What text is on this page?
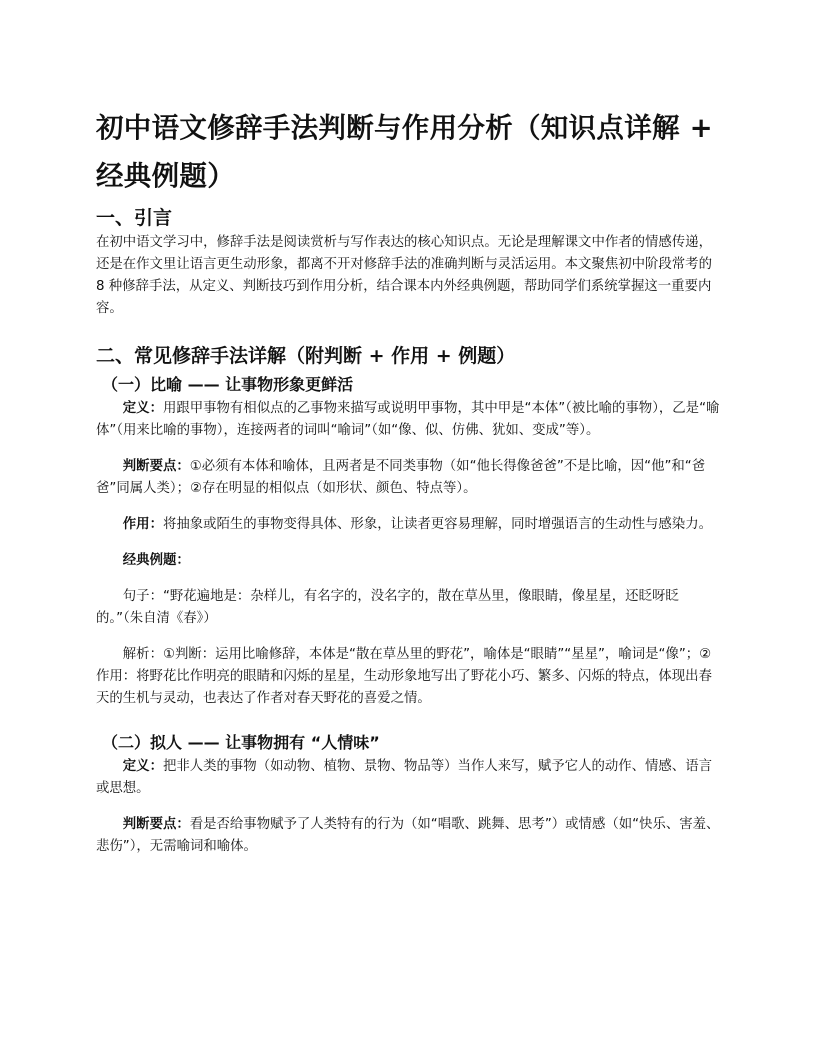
初中语文修辞手法判断与作用分析（知识点详解 + 经典例题）
一、引言

在初中语文学习中，修辞手法是阅读赏析与写作表达的核心知识点。无论是理解课文中作者的情感传递，还是在作文里让语言更生动形象，都离不开对修辞手法的准确判断与灵活运用。本文聚焦初中阶段常考的 8 种修辞手法，从定义、判断技巧到作用分析，结合课本内外经典例题，帮助同学们系统掌握这一重要内容。

二、常见修辞手法详解（附判断 + 作用 + 例题）
（一）比喻 —— 让事物形象更鲜活

定义：用跟甲事物有相似点的乙事物来描写或说明甲事物，其中甲是“本体”（被比喻的事物），乙是“喻体”（用来比喻的事物），连接两者的词叫“喻词”（如“像、似、仿佛、犹如、变成”等）。

判断要点：①必须有本体和喻体，且两者是不同类事物（如“他长得像爸爸”不是比喻，因“他”和“爸爸”同属人类）；②存在明显的相似点（如形状、颜色、特点等）。

作用：将抽象或陌生的事物变得具体、形象，让读者更容易理解，同时增强语言的生动性与感染力。

经典例题：

句子：“野花遍地是：杂样儿，有名字的，没名字的，散在草丛里，像眼睛，像星星，还眨呀眨的。”（朱自清《春》）

解析：①判断：运用比喻修辞，本体是“散在草丛里的野花”，喻体是“眼睛”“星星”，喻词是“像”；②作用：将野花比作明亮的眼睛和闪烁的星星，生动形象地写出了野花小巧、繁多、闪烁的特点，体现出春天的生机与灵动，也表达了作者对春天野花的喜爱之情。

（二）拟人 —— 让事物拥有 “人情味”

定义：把非人类的事物（如动物、植物、景物、物品等）当作人来写，赋予它人的动作、情感、语言或思想。

判断要点：看是否给事物赋予了人类特有的行为（如“唱歌、跳舞、思考”）或情感（如“快乐、害羞、悲伤”），无需喻词和喻体。
